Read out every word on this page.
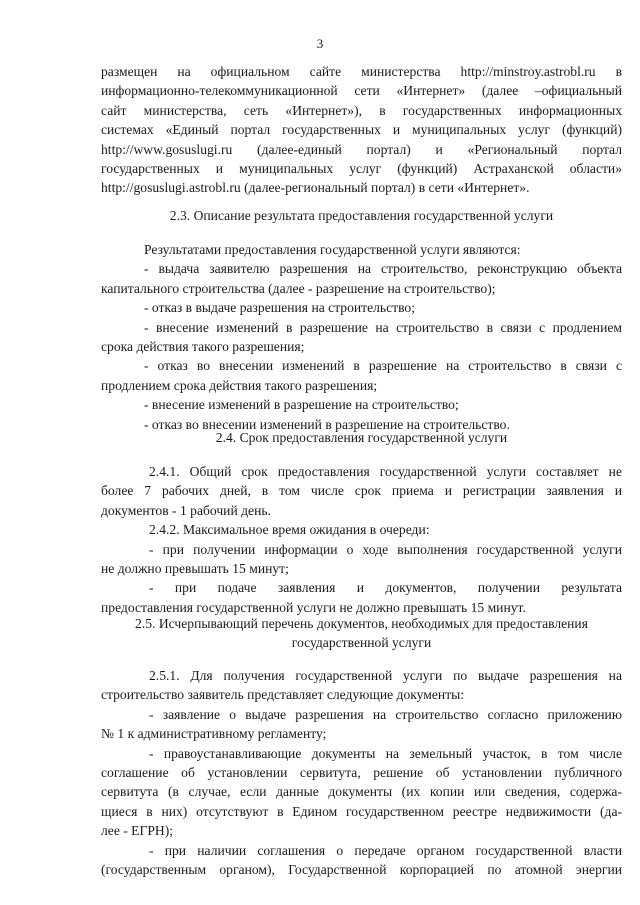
3
размещен на официальном сайте министерства http://minstroy.astrobl.ru в
информационно-телекоммуникационной сети «Интернет» (далее –официальный
сайт министерства, сеть «Интернет»), в государственных информационных
системах «Единый портал государственных и муниципальных услуг (функций)
http://www.gosuslugi.ru (далее-единый портал) и «Региональный портал
государственных и муниципальных услуг (функций) Астраханской области»
http://gosuslugi.astrobl.ru (далее-региональный портал) в сети «Интернет».
2.3. Описание результата предоставления государственной услуги
Результатами предоставления государственной услуги являются:
- выдача заявителю разрешения на строительство, реконструкцию объекта
капитального строительства (далее - разрешение на строительство);
- отказ в выдаче разрешения на строительство;
- внесение изменений в разрешение на строительство в связи с продлением
срока действия такого разрешения;
- отказ во внесении изменений в разрешение на строительство в связи с
продлением срока действия такого разрешения;
- внесение изменений в разрешение на строительство;
- отказ во внесении изменений в разрешение на строительство.
2.4. Срок предоставления государственной услуги
2.4.1. Общий срок предоставления государственной услуги составляет не
более 7 рабочих дней, в том числе срок приема и регистрации заявления и
документов - 1 рабочий день.
2.4.2. Максимальное время ожидания в очереди:
- при получении информации о ходе выполнения государственной услуги
не должно превышать 15 минут;
- при подаче заявления и документов, получении результата
предоставления государственной услуги не должно превышать 15 минут.
2.5. Исчерпывающий перечень документов, необходимых для предоставления
государственной услуги
2.5.1. Для получения государственной услуги по выдаче разрешения на
строительство заявитель представляет следующие документы:
- заявление о выдаче разрешения на строительство согласно приложению
№ 1 к административному регламенту;
- правоустанавливающие документы на земельный участок, в том числе
соглашение об установлении сервитута, решение об установлении публичного
сервитута (в случае, если данные документы (их копии или сведения, содержа-
щиеся в них) отсутствуют в Едином государственном реестре недвижимости (да-
лее - ЕГРН);
- при наличии соглашения о передаче органом государственной власти
(государственным органом), Государственной корпорацией по атомной энергии
